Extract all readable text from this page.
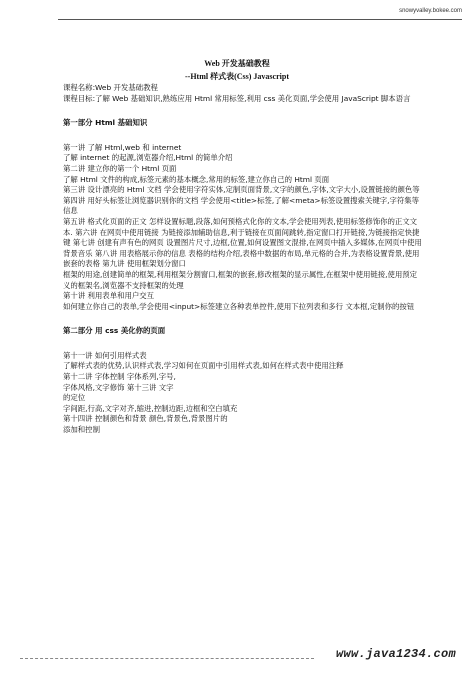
snowyvalley.bokee.com
Web 开发基础教程
--Html 样式表(Css) Javascript

课程名称:Web 开发基础教程

课程目标:了解 Web 基础知识,熟练应用 Html 常用标签,利用 css 美化页面,学会使用 JavaScript 脚本语言

第一部分 Html 基础知识

第一讲 了解 Html,web 和 internet

了解 internet 的起源,浏览器介绍,Html 的简单介绍

第二讲 建立你的第一个 Html 页面

了解 Html 文件的构成,标签元素的基本概念,常用的标签,建立你自己的 Html 页面

第三讲 设计漂亮的 Html 文档 学会使用字符实体,定制页面背景,文字的颜色,字体,文字大小,设置链接的颜色等 第四讲 用好头标签让浏览器识别你的文档 学会使用<title>标签,了解<meta>标签设置搜索关键字,字符集等信息

第五讲 格式化页面的正文 怎样设置标题,段落,如何预格式化你的文本,学会使用列表,使用标签修饰你的正文文本. 第六讲 在网页中使用链接 为链接添加辅助信息,利于链接在页面间跳转,指定窗口打开链接,为链接指定快捷键 第七讲 创建有声有色的网页 设置图片尺寸,边框,位置,如何设置图文混排,在网页中插入多媒体,在网页中使用背景音乐 第八讲 用表格展示你的信息 表格的结构介绍,表格中数据的布局,单元格的合并,为表格设置背景,使用嵌套的表格 第九讲 使用框架划分窗口

框架的用途,创建简单的框架,利用框架分割窗口,框架的嵌套,修改框架的显示属性,在框架中使用链接,使用预定义的框架名,浏览器不支持框架的处理

第十讲 利用表单和用户交互

如何建立你自己的表单,学会使用<input>标签建立各种表单控件,使用下拉列表和多行 文本框,定制你的按钮

第二部分 用 css 美化你的页面

第十一讲 如何引用样式表

了解样式表的优势,认识样式表,学习如何在页面中引用样式表,如何在样式表中使用注释

第十二讲 字体控制 字体系列,字号,

字体风格,文字修饰 第十三讲 文字

的定位

字间距,行高,文字对齐,缩进,控制边距,边框和空白填充

第十四讲 控制颜色和背景 颜色,背景色,背景图片的

添加和控制

www.java1234.com
